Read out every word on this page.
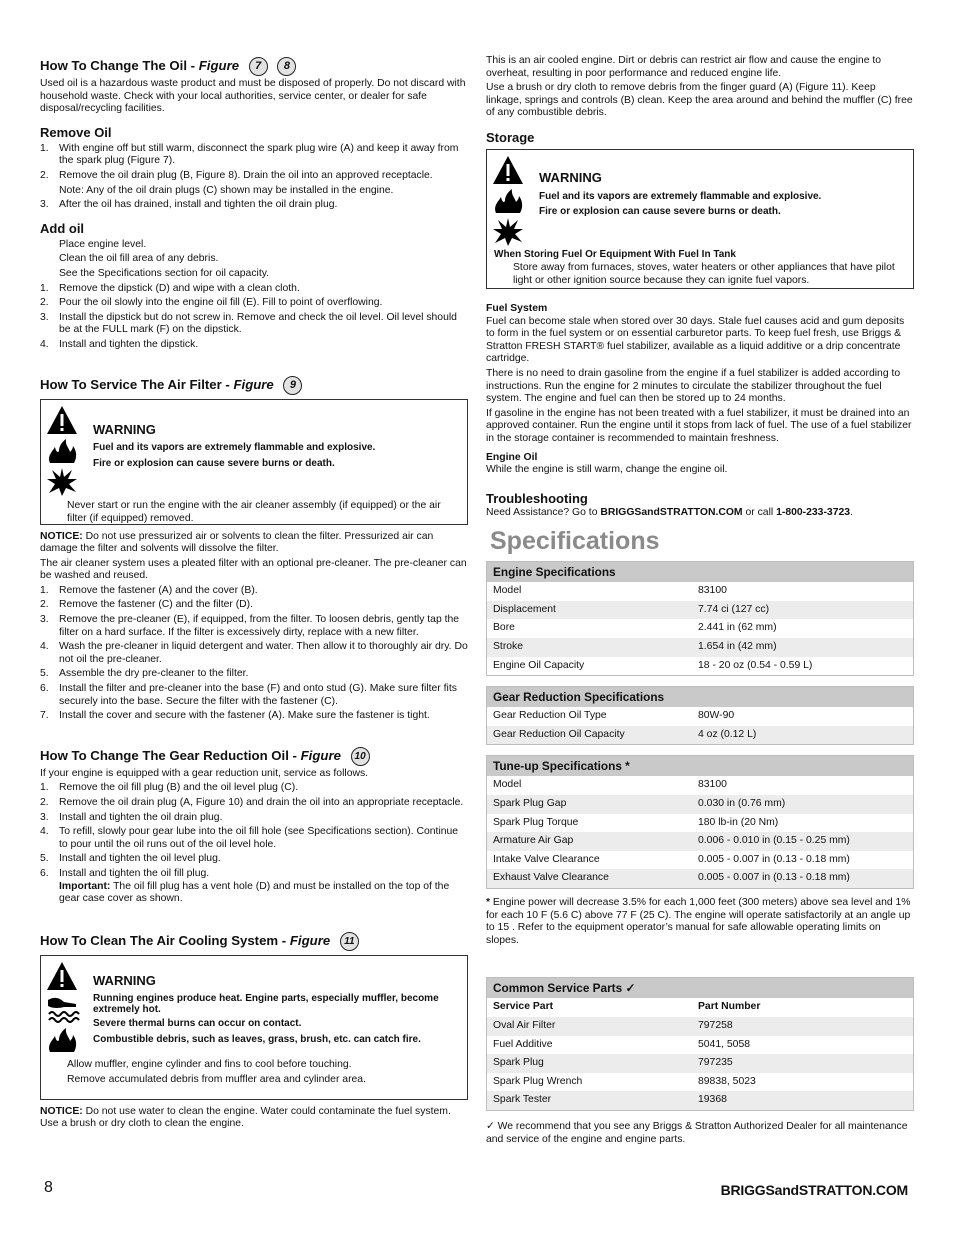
How To Change The Oil - Figure 7 8

Used oil is a hazardous waste product and must be disposed of properly. Do not discard with household waste. Check with your local authorities, service center, or dealer for safe disposal/recycling facilities.

Remove Oil
1. With engine off but still warm, disconnect the spark plug wire (A) and keep it away from the spark plug (Figure 7).
2. Remove the oil drain plug (B, Figure 8). Drain the oil into an approved receptacle.
Note: Any of the oil drain plugs (C) shown may be installed in the engine.
3. After the oil has drained, install and tighten the oil drain plug.
Add oil
Place engine level.
Clean the oil fill area of any debris.
See the Specifications section for oil capacity.
1. Remove the dipstick (D) and wipe with a clean cloth.
2. Pour the oil slowly into the engine oil fill (E). Fill to point of overflowing.
3. Install the dipstick but do not screw in. Remove and check the oil level. Oil level should be at the FULL mark (F) on the dipstick.
4. Install and tighten the dipstick.
How To Service The Air Filter - Figure 9
WARNING
Fuel and its vapors are extremely flammable and explosive.
Fire or explosion can cause severe burns or death.
Never start or run the engine with the air cleaner assembly (if equipped) or the air filter (if equipped) removed.

NOTICE: Do not use pressurized air or solvents to clean the filter. Pressurized air can damage the filter and solvents will dissolve the filter.

The air cleaner system uses a pleated filter with an optional pre-cleaner. The pre-cleaner can be washed and reused.

1. Remove the fastener (A) and the cover (B).
2. Remove the fastener (C) and the filter (D).
3. Remove the pre-cleaner (E), if equipped, from the filter. To loosen debris, gently tap the filter on a hard surface. If the filter is excessively dirty, replace with a new filter.
4. Wash the pre-cleaner in liquid detergent and water. Then allow it to thoroughly air dry. Do not oil the pre-cleaner.
5. Assemble the dry pre-cleaner to the filter.
6. Install the filter and pre-cleaner into the base (F) and onto stud (G). Make sure filter fits securely into the base. Secure the filter with the fastener (C).
7. Install the cover and secure with the fastener (A). Make sure the fastener is tight.
How To Change The Gear Reduction Oil - Figure 10

If your engine is equipped with a gear reduction unit, service as follows.

1. Remove the oil fill plug (B) and the oil level plug (C).
2. Remove the oil drain plug (A, Figure 10) and drain the oil into an appropriate receptacle.
3. Install and tighten the oil drain plug.
4. To refill, slowly pour gear lube into the oil fill hole (see Specifications section). Continue to pour until the oil runs out of the oil level hole.
5. Install and tighten the oil level plug.
6. Install and tighten the oil fill plug.
Important: The oil fill plug has a vent hole (D) and must be installed on the top of the gear case cover as shown.
How To Clean The Air Cooling System - Figure 11
WARNING
Running engines produce heat. Engine parts, especially muffler, become extremely hot.
Severe thermal burns can occur on contact.
Combustible debris, such as leaves, grass, brush, etc. can catch fire.
Allow muffler, engine cylinder and fins to cool before touching.
Remove accumulated debris from muffler area and cylinder area.

NOTICE: Do not use water to clean the engine. Water could contaminate the fuel system. Use a brush or dry cloth to clean the engine.

This is an air cooled engine. Dirt or debris can restrict air flow and cause the engine to overheat, resulting in poor performance and reduced engine life.

Use a brush or dry cloth to remove debris from the finger guard (A) (Figure 11). Keep linkage, springs and controls (B) clean. Keep the area around and behind the muffler (C) free of any combustible debris.

Storage
WARNING
Fuel and its vapors are extremely flammable and explosive.
Fire or explosion can cause severe burns or death.
When Storing Fuel Or Equipment With Fuel In Tank
Store away from furnaces, stoves, water heaters or other appliances that have pilot light or other ignition source because they can ignite fuel vapors.
Fuel System

Fuel can become stale when stored over 30 days. Stale fuel causes acid and gum deposits to form in the fuel system or on essential carburetor parts. To keep fuel fresh, use Briggs & Stratton FRESH START® fuel stabilizer, available as a liquid additive or a drip concentrate cartridge.

There is no need to drain gasoline from the engine if a fuel stabilizer is added according to instructions. Run the engine for 2 minutes to circulate the stabilizer throughout the fuel system. The engine and fuel can then be stored up to 24 months.

If gasoline in the engine has not been treated with a fuel stabilizer, it must be drained into an approved container. Run the engine until it stops from lack of fuel. The use of a fuel stabilizer in the storage container is recommended to maintain freshness.

Engine Oil

While the engine is still warm, change the engine oil.

Troubleshooting

Need Assistance? Go to BRIGGSandSTRATTON.COM or call 1-800-233-3723.

Specifications
Engine Specifications	
Model	83100
Displacement	7.74 ci (127 cc)
Bore	2.441 in (62 mm)
Stroke	1.654 in (42 mm)
Engine Oil Capacity	18 - 20 oz (0.54 - 0.59 L)
Gear Reduction Specifications	
Gear Reduction Oil Type	80W-90
Gear Reduction Oil Capacity	4 oz (0.12 L)
Tune-up Specifications *	
Model	83100
Spark Plug Gap	0.030 in (0.76 mm)
Spark Plug Torque	180 lb-in (20 Nm)
Armature Air Gap	0.006 - 0.010 in (0.15 - 0.25 mm)
Intake Valve Clearance	0.005 - 0.007 in (0.13 - 0.18 mm)
Exhaust Valve Clearance	0.005 - 0.007 in (0.13 - 0.18 mm)

* Engine power will decrease 3.5% for each 1,000 feet (300 meters) above sea level and 1% for each 10 F (5.6 C) above 77 F (25 C). The engine will operate satisfactorily at an angle up to 15 . Refer to the equipment operator’s manual for safe allowable operating limits on slopes.

Common Service Parts ✓	
Service Part	Part Number
Oval Air Filter	797258
Fuel Additive	5041, 5058
Spark Plug	797235
Spark Plug Wrench	89838, 5023
Spark Tester	19368

✓ We recommend that you see any Briggs & Stratton Authorized Dealer for all maintenance and service of the engine and engine parts.

8	BRIGGSandSTRATTON.COM
